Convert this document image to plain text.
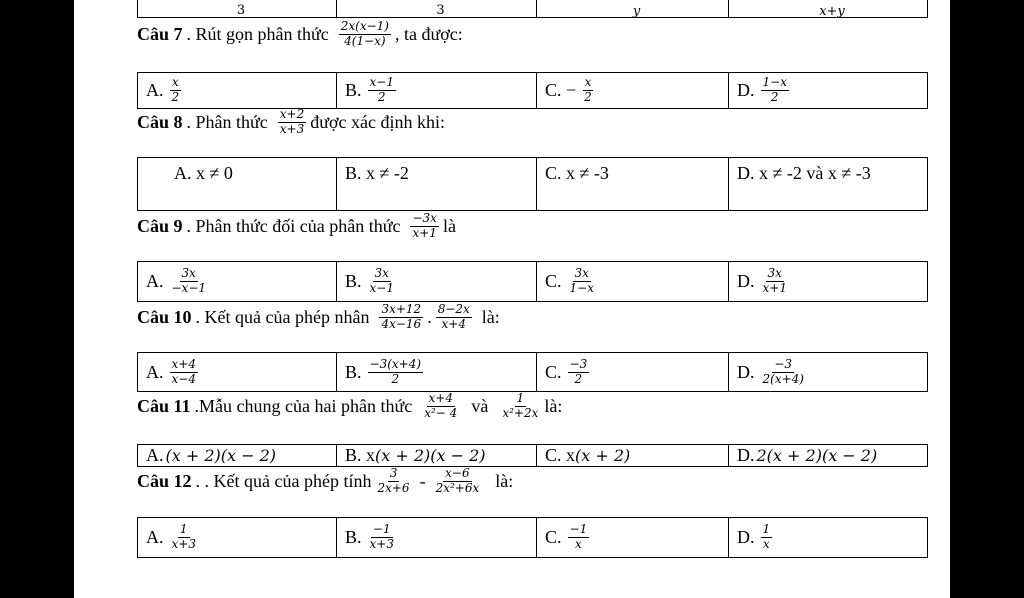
3	3	y	x+y
Câu 7 . Rút gọn phân thức $\frac{2x(x-1)}{4(1-x)}$ , ta được:
A. $\frac{x}{2}$	B. $\frac{x-1}{2}$	C. − $\frac{x}{2}$	D. $\frac{1-x}{2}$
Câu 8 . Phân thức $\frac{x+2}{x+3}$ được xác định khi:
A. x ≠ 0	B. x ≠ -2	C. x ≠ -3	D. x ≠ -2 và x ≠ -3
Câu 9 . Phân thức đối của phân thức $\frac{-3x}{x+1}$ là
A. $\frac{3x}{-x-1}$	B. $\frac{3x}{x-1}$	C. $\frac{3x}{1-x}$	D. $\frac{3x}{x+1}$
Câu 10 . Kết quả của phép nhân $\frac{3x+12}{4x-16}$ . $\frac{8-2x}{x+4}$ là:
A. $\frac{x+4}{x-4}$	B. $\frac{-3(x+4)}{2}$	C. $\frac{-3}{2}$	D. $\frac{-3}{2(x+4)}$
Câu 11 .Mẫu chung của hai phân thức $\frac{x+4}{\text{x²− 4}}$ và $\frac{1}{\text{x²+2x}}$ là:
A. (x + 2)(x − 2)	B. x (x + 2)(x − 2)	C. x (x + 2)	D. 2(x + 2)(x − 2)
Câu 12 . . Kết quả của phép tính $\frac{3}{2x+6} - \frac{x-6}{\text{2x²+6x}}$ là:
A. $\frac{1}{x+3}$	B. $\frac{-1}{x+3}$	C. $\frac{-1}{x}$	D. $\frac{1}{x}$
